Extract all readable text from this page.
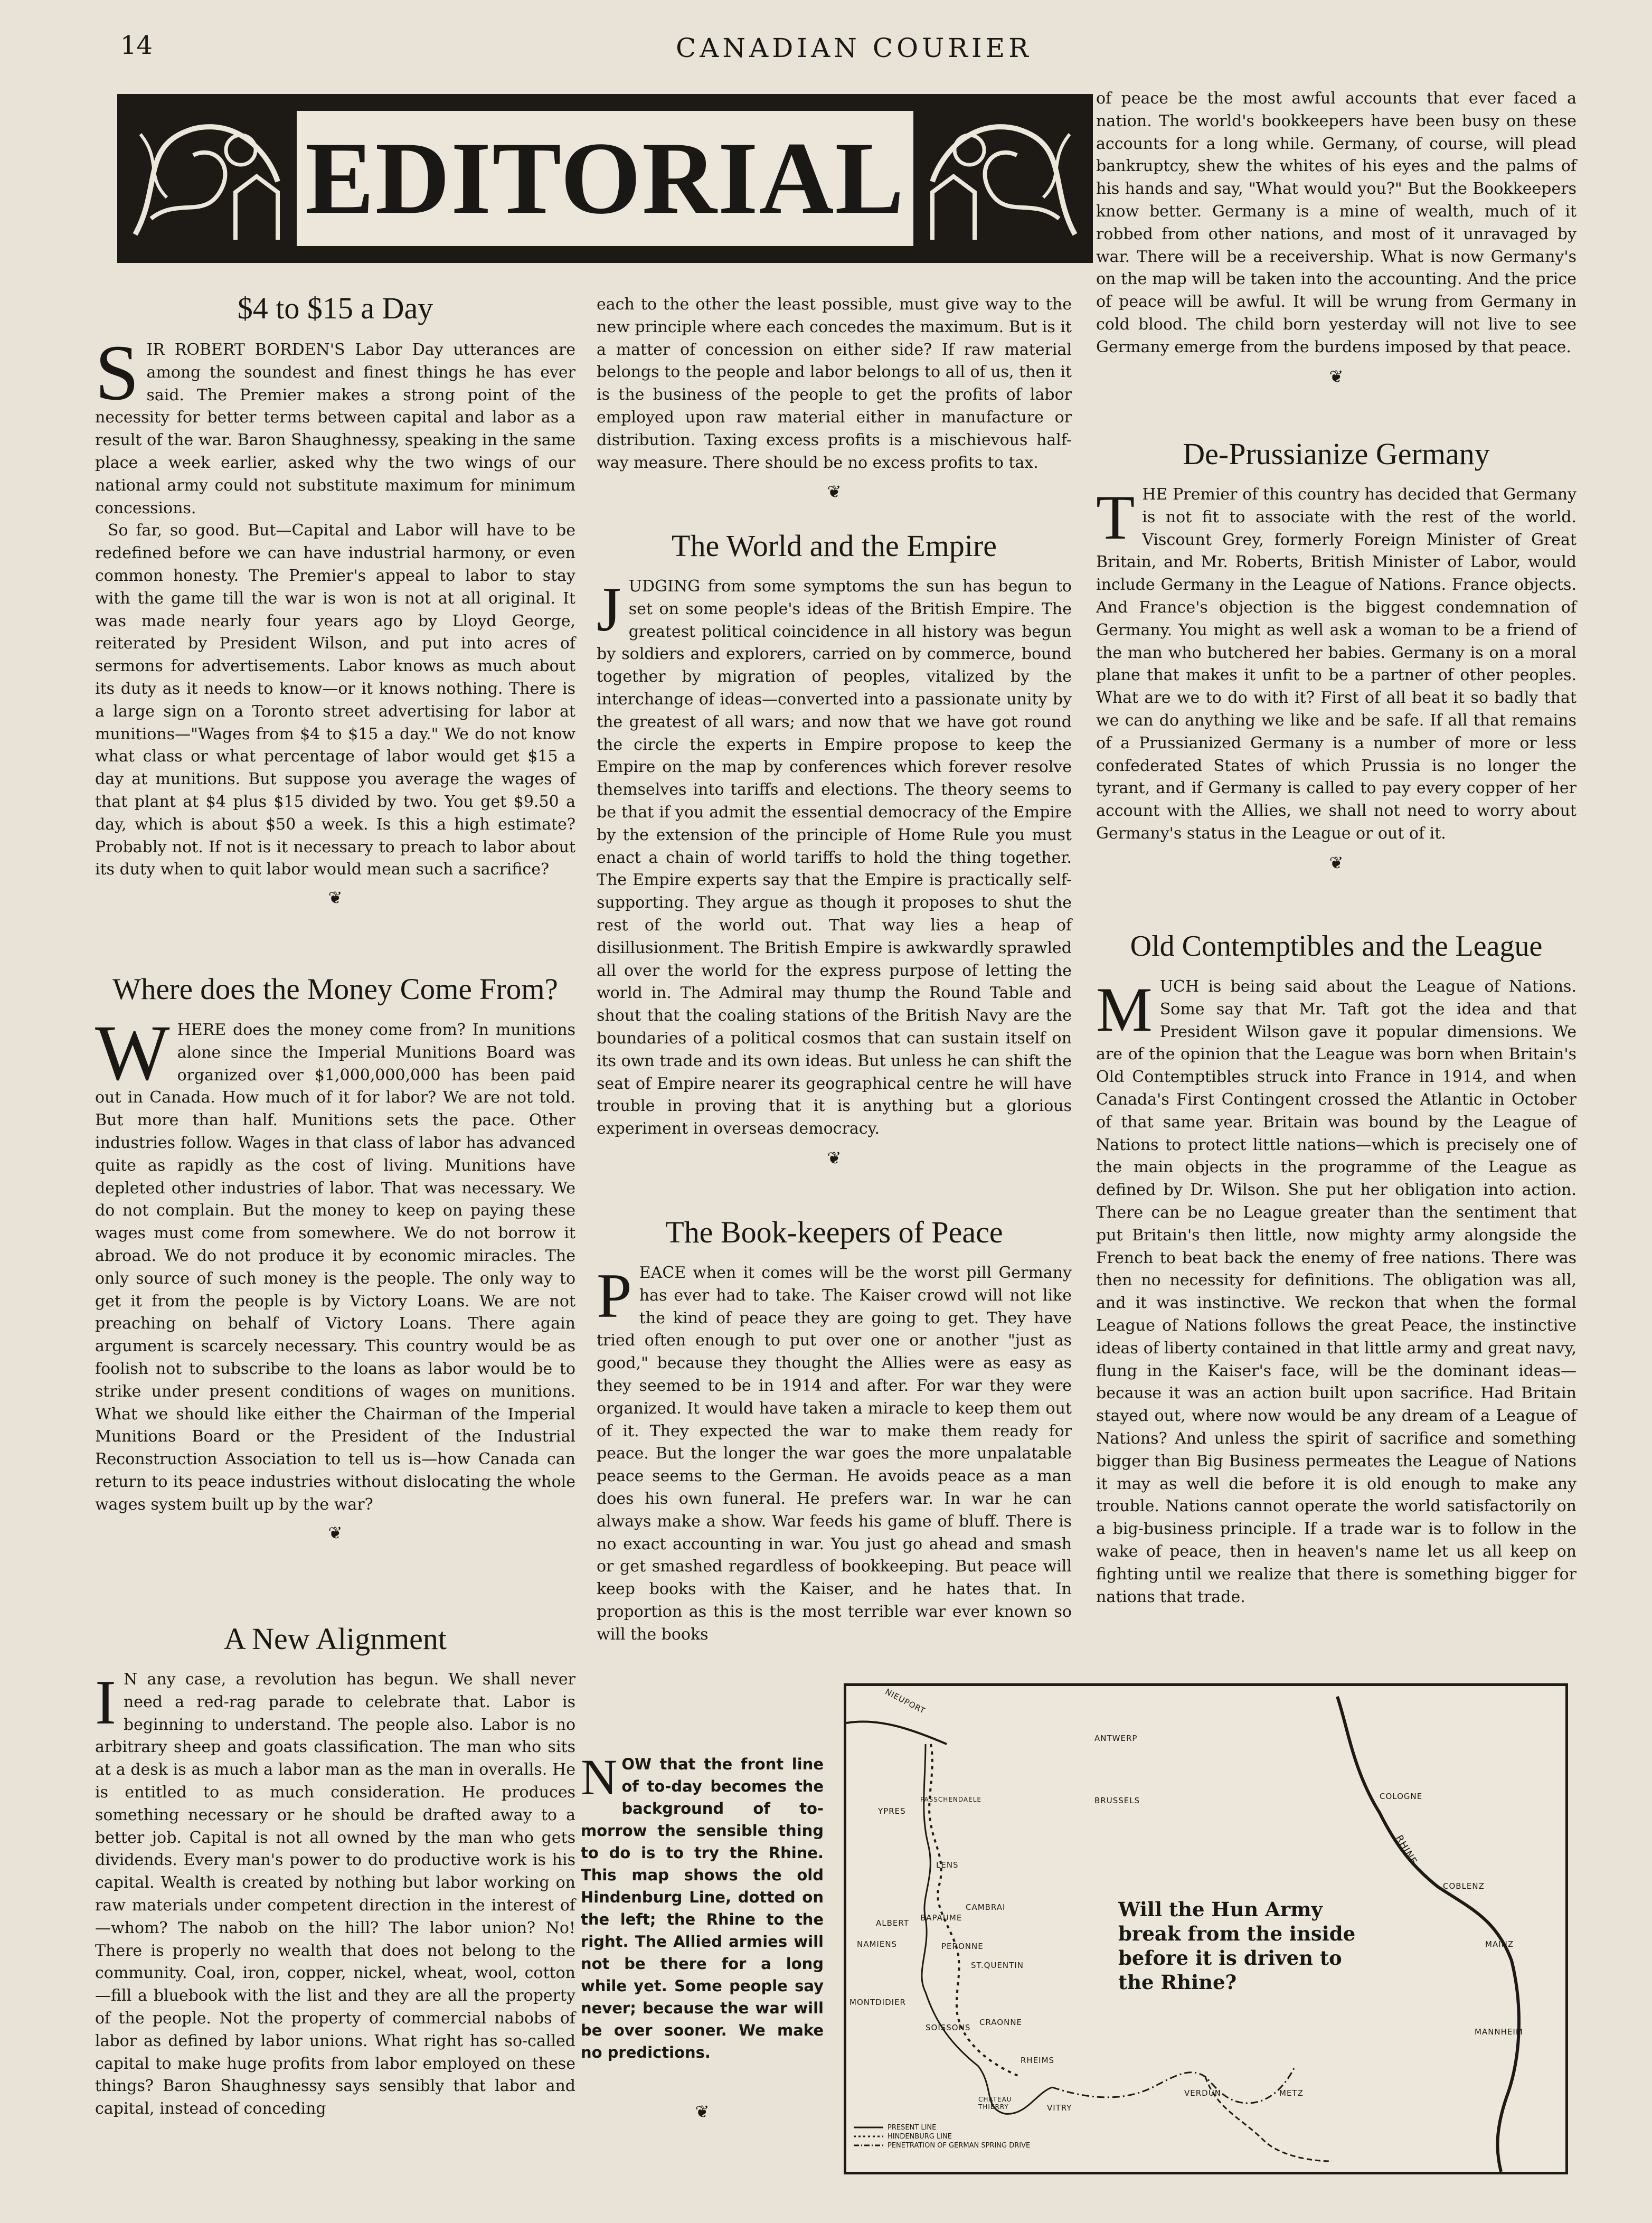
14	CANADIAN COURIER
EDITORIAL
$4 to $15 a Day
S IR ROBERT BORDEN'S Labor Day utterances are among the soundest and finest things he has ever said. The Premier makes a strong point of the necessity for better terms between capital and labor as a result of the war. Baron Shaughnessy, speaking in the same place a week earlier, asked why the two wings of our national army could not substitute maximum for minimum concessions.

So far, so good. But—Capital and Labor will have to be redefined before we can have industrial harmony, or even common honesty. The Premier's appeal to labor to stay with the game till the war is won is not at all original. It was made nearly four years ago by Lloyd George, reiterated by President Wilson, and put into acres of sermons for advertisements. Labor knows as much about its duty as it needs to know—or it knows nothing. There is a large sign on a Toronto street advertising for labor at munitions—"Wages from $4 to $15 a day." We do not know what class or what percentage of labor would get $15 a day at munitions. But suppose you average the wages of that plant at $4 plus $15 divided by two. You get $9.50 a day, which is about $50 a week. Is this a high estimate? Probably not. If not is it necessary to preach to labor about its duty when to quit labor would mean such a sacrifice?

❦
Where does the Money Come From?
W HERE does the money come from? In munitions alone since the Imperial Munitions Board was organized over $1,000,000,000 has been paid out in Canada. How much of it for labor? We are not told. But more than half. Munitions sets the pace. Other industries follow. Wages in that class of labor has advanced quite as rapidly as the cost of living. Munitions have depleted other industries of labor. That was necessary. We do not complain. But the money to keep on paying these wages must come from somewhere. We do not borrow it abroad. We do not produce it by economic miracles. The only source of such money is the people. The only way to get it from the people is by Victory Loans. We are not preaching on behalf of Victory Loans. There again argument is scarcely necessary. This country would be as foolish not to subscribe to the loans as labor would be to strike under present conditions of wages on munitions. What we should like either the Chairman of the Imperial Munitions Board or the President of the Industrial Reconstruction Association to tell us is—how Canada can return to its peace industries without dislocating the whole wages system built up by the war?

❦
A New Alignment
I N any case, a revolution has begun. We shall never need a red-rag parade to celebrate that. Labor is beginning to understand. The people also. Labor is no arbitrary sheep and goats classification. The man who sits at a desk is as much a labor man as the man in overalls. He is entitled to as much consideration. He produces something necessary or he should be drafted away to a better job. Capital is not all owned by the man who gets dividends. Every man's power to do productive work is his capital. Wealth is created by nothing but labor working on raw materials under competent direction in the interest of—whom? The nabob on the hill? The labor union? No! There is properly no wealth that does not belong to the community. Coal, iron, copper, nickel, wheat, wool, cotton—fill a bluebook with the list and they are all the property of the people. Not the property of commercial nabobs of labor as defined by labor unions. What right has so-called capital to make huge profits from labor employed on these things? Baron Shaughnessy says sensibly that labor and capital, instead of conceding

each to the other the least possible, must give way to the new principle where each concedes the maximum. But is it a matter of concession on either side? If raw material belongs to the people and labor belongs to all of us, then it is the business of the people to get the profits of labor employed upon raw material either in manufacture or distribution. Taxing excess profits is a mischievous half-way measure. There should be no excess profits to tax.

❦
The World and the Empire
J UDGING from some symptoms the sun has begun to set on some people's ideas of the British Empire. The greatest political coincidence in all history was begun by soldiers and explorers, carried on by commerce, bound together by migration of peoples, vitalized by the interchange of ideas—converted into a passionate unity by the greatest of all wars; and now that we have got round the circle the experts in Empire propose to keep the Empire on the map by conferences which forever resolve themselves into tariffs and elections. The theory seems to be that if you admit the essential democracy of the Empire by the extension of the principle of Home Rule you must enact a chain of world tariffs to hold the thing together. The Empire experts say that the Empire is practically self-supporting. They argue as though it proposes to shut the rest of the world out. That way lies a heap of disillusionment. The British Empire is awkwardly sprawled all over the world for the express purpose of letting the world in. The Admiral may thump the Round Table and shout that the coaling stations of the British Navy are the boundaries of a political cosmos that can sustain itself on its own trade and its own ideas. But unless he can shift the seat of Empire nearer its geographical centre he will have trouble in proving that it is anything but a glorious experiment in overseas democracy.

❦
The Book-keepers of Peace
P EACE when it comes will be the worst pill Germany has ever had to take. The Kaiser crowd will not like the kind of peace they are going to get. They have tried often enough to put over one or another "just as good," because they thought the Allies were as easy as they seemed to be in 1914 and after. For war they were organized. It would have taken a miracle to keep them out of it. They expected the war to make them ready for peace. But the longer the war goes the more unpalatable peace seems to the German. He avoids peace as a man does his own funeral. He prefers war. In war he can always make a show. War feeds his game of bluff. There is no exact accounting in war. You just go ahead and smash or get smashed regardless of bookkeeping. But peace will keep books with the Kaiser, and he hates that. In proportion as this is the most terrible war ever known so will the books

of peace be the most awful accounts that ever faced a nation. The world's bookkeepers have been busy on these accounts for a long while. Germany, of course, will plead bankruptcy, shew the whites of his eyes and the palms of his hands and say, "What would you?" But the Bookkeepers know better. Germany is a mine of wealth, much of it robbed from other nations, and most of it unravaged by war. There will be a receivership. What is now Germany's on the map will be taken into the accounting. And the price of peace will be awful. It will be wrung from Germany in cold blood. The child born yesterday will not live to see Germany emerge from the burdens imposed by that peace.

❦
De-Prussianize Germany
T HE Premier of this country has decided that Germany is not fit to associate with the rest of the world. Viscount Grey, formerly Foreign Minister of Great Britain, and Mr. Roberts, British Minister of Labor, would include Germany in the League of Nations. France objects. And France's objection is the biggest condemnation of Germany. You might as well ask a woman to be a friend of the man who butchered her babies. Germany is on a moral plane that makes it unfit to be a partner of other peoples. What are we to do with it? First of all beat it so badly that we can do anything we like and be safe. If all that remains of a Prussianized Germany is a number of more or less confederated States of which Prussia is no longer the tyrant, and if Germany is called to pay every copper of her account with the Allies, we shall not need to worry about Germany's status in the League or out of it.

❦
Old Contemptibles and the League
M UCH is being said about the League of Nations. Some say that Mr. Taft got the idea and that President Wilson gave it popular dimensions. We are of the opinion that the League was born when Britain's Old Contemptibles struck into France in 1914, and when Canada's First Contingent crossed the Atlantic in October of that same year. Britain was bound by the League of Nations to protect little nations—which is precisely one of the main objects in the programme of the League as defined by Dr. Wilson. She put her obligation into action. There can be no League greater than the sentiment that put Britain's then little, now mighty army alongside the French to beat back the enemy of free nations. There was then no necessity for definitions. The obligation was all, and it was instinctive. We reckon that when the formal League of Nations follows the great Peace, the instinctive ideas of liberty contained in that little army and great navy, flung in the Kaiser's face, will be the dominant ideas—because it was an action built upon sacrifice. Had Britain stayed out, where now would be any dream of a League of Nations? And unless the spirit of sacrifice and something bigger than Big Business permeates the League of Nations it may as well die before it is old enough to make any trouble. Nations cannot operate the world satisfactorily on a big-business principle. If a trade war is to follow in the wake of peace, then in heaven's name let us all keep on fighting until we realize that there is something bigger for nations that trade.

N OW that the front line of to-day becomes the background of to-morrow the sensible thing to do is to try the Rhine. This map shows the old Hindenburg Line, dotted on the left; the Rhine to the right. The Allied armies will not be there for a long while yet. Some people say never; because the war will be over sooner. We make no predictions.
❦
NIEUPORT
ANTWERP
BRUSSELS
PASSCHENDAELE
YPRES
LENS
CAMBRAI
ALBERT
BAPAUME
NAMIENS	PERONNE
ST.QUENTIN
MONTDIDIER
SOISSONS
CRAONNE
RHEIMS
CHATEAU THIERRY	VITRY
VERDUN	METZ
COLOGNE
COBLENZ
MAINZ
MANNHEIM
RHINE
Will the Hun Army break from the inside before it is driven to the Rhine?
PRESENT LINE
HINDENBURG LINE
PENETRATION OF GERMAN SPRING DRIVE
